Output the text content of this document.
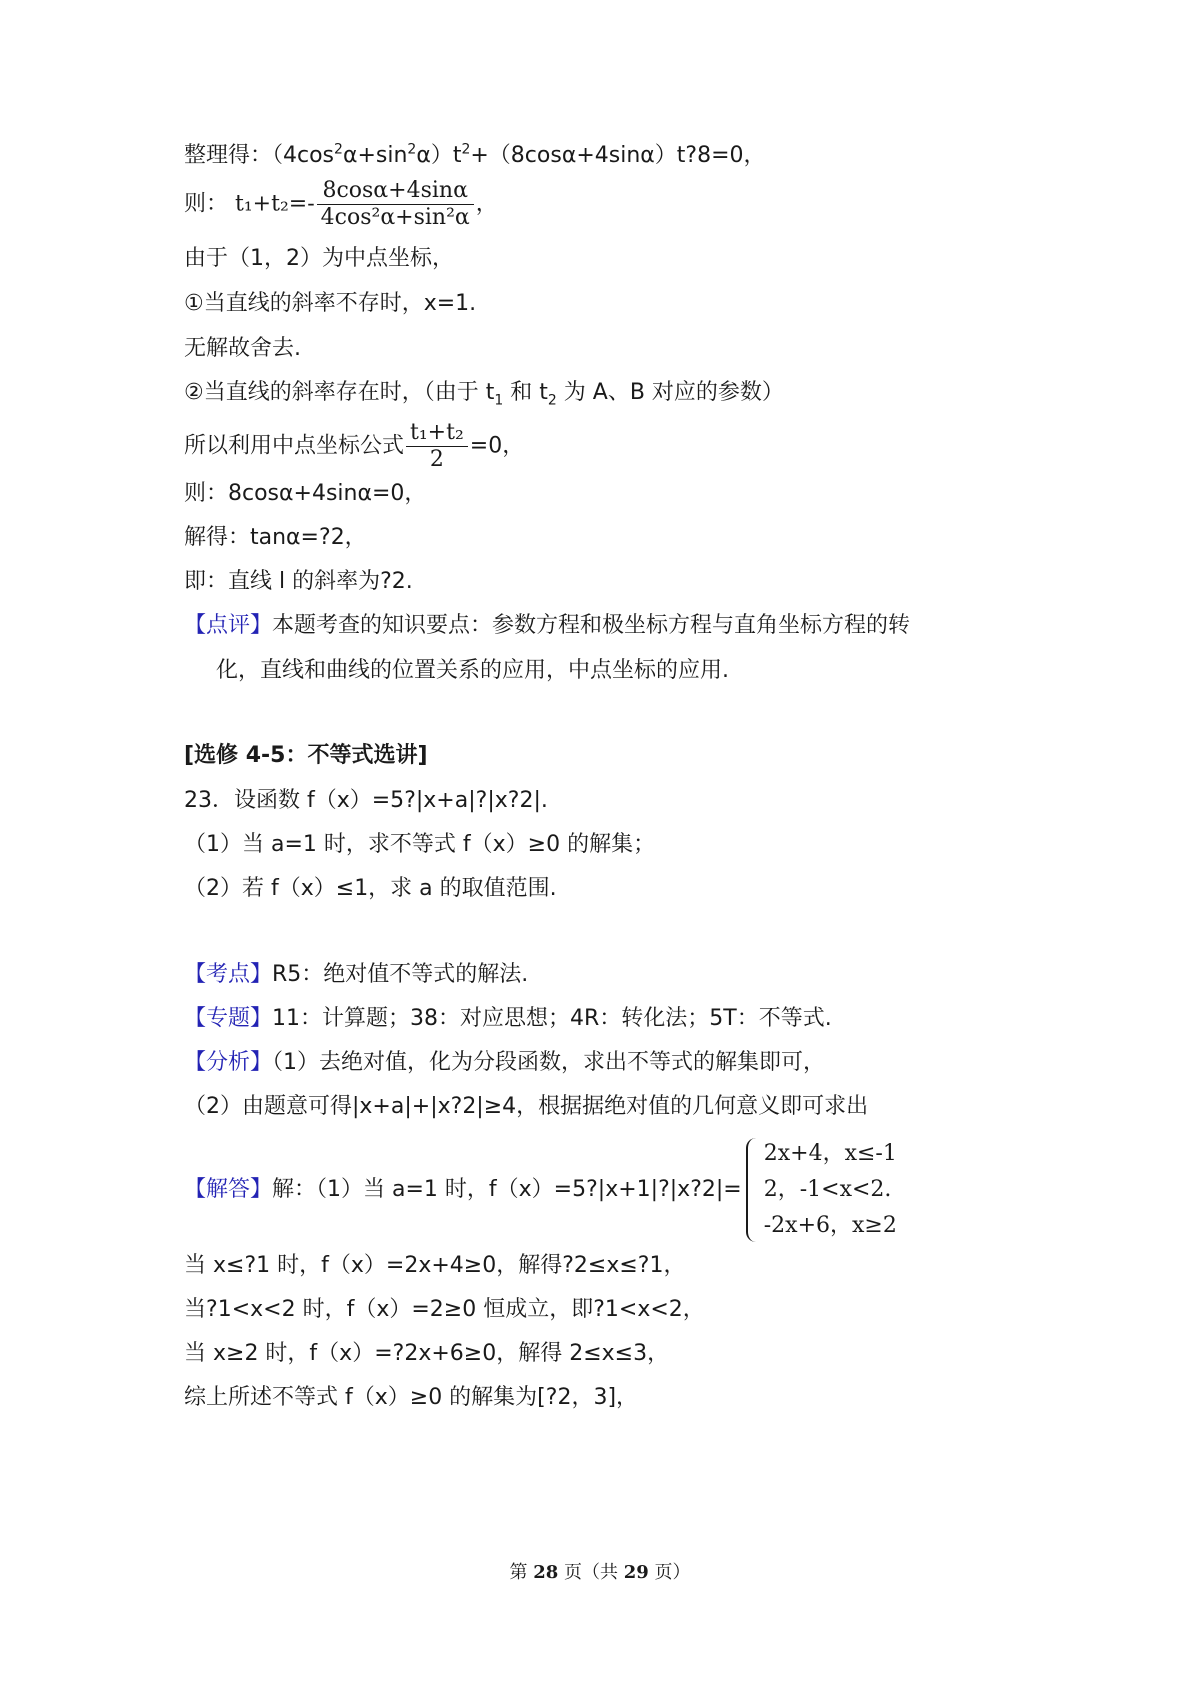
整理得：$(4\cos^2\alpha+\sin^2\alpha)t^2+(8\cos\alpha+4\sin\alpha)t?8=0$，
则： $t_1+t_2=- \frac{8\cos\alpha+4\sin\alpha}{\text{4cos²α+sin²α}}$ ，
由于（1，2）为中点坐标，
①当直线的斜率不存时，x=1.
无解故舍去.
②当直线的斜率存在时，（由于 $t_1$ 和 $t_2$ 为 A、B 对应的参数）
所以利用中点坐标公式 $\frac{\text{t₁+t₂}}{2} =0$，
则：8cosα+4sinα=0，
解得：tanα=?2，
即：直线 l 的斜率为?2.
【点评】本题考查的知识要点：参数方程和极坐标方程与直角坐标方程的转
化，直线和曲线的位置关系的应用，中点坐标的应用.
[选修 4-5：不等式选讲]
23．设函数 f（x）=5?|x+a|?|x?2|.
（1）当 a=1 时，求不等式 f（x）≥0 的解集；
（2）若 f（x）≤1，求 a 的取值范围.
【考点】R5：绝对值不等式的解法.
【专题】11：计算题；38：对应思想；4R：转化法；5T：不等式.
【分析】（1）去绝对值，化为分段函数，求出不等式的解集即可，
（2）由题意可得|x+a|+|x?2|≥4，根据据绝对值的几何意义即可求出
【解答】解：（1）当 a=1 时，f（x）=5?|x+1|?|x?2|=
2x+4，x≤-1
2，-1<x<2.
-2x+6，x≥2
当 x≤?1 时，f（x）=2x+4≥0，解得?2≤x≤?1，
当?1<x<2 时，f（x）=2≥0 恒成立，即?1<x<2，
当 x≥2 时，f（x）=?2x+6≥0，解得 2≤x≤3，
综上所述不等式 f（x）≥0 的解集为[?2，3]，
第 28 页（共 29 页）
